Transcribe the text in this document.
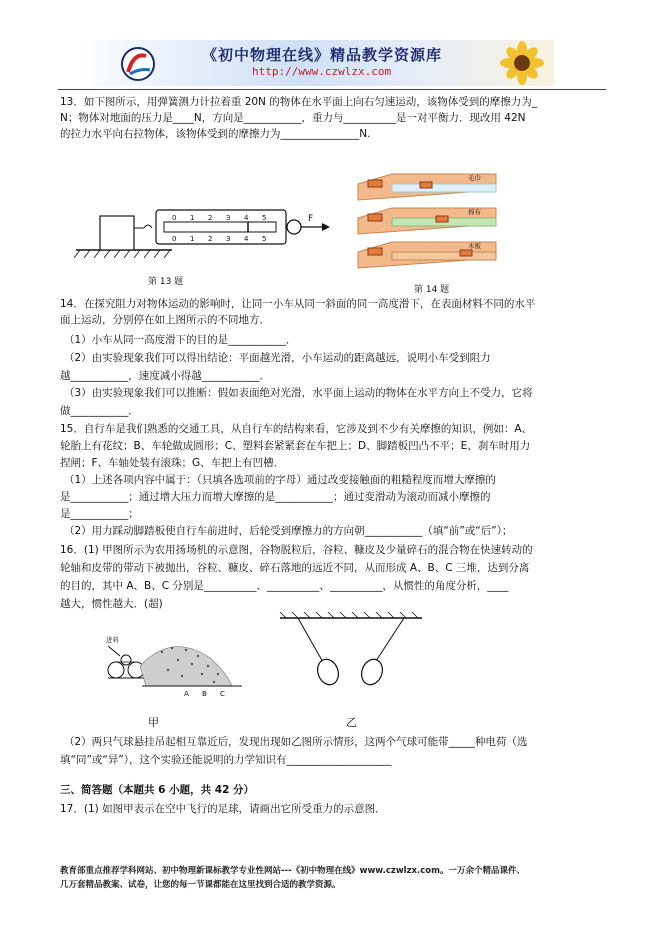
《初中物理在线》精品教学资源库
http://www.czwlzx.com
13．如下图所示，用弹簧测力计拉着重 20N 的物体在水平面上向右匀速运动，该物体受到的摩擦力为_
N；物体对地面的压力是____N，方向是___________，重力与__________是一对平衡力．现改用 42N
的拉力水平向右拉物体，该物体受到的摩擦力为_______________N.
0 1 2 3 4 5
0 1 2 3 4 5
F
第 13 题
毛巾
棉布
木板
第 14 题
14．在探究阻力对物体运动的影响时，让同一小车从同一斜面的同一高度滑下，在表面材料不同的水平
面上运动，分别停在如上图所示的不同地方．
（1）小车从同一高度滑下的目的是___________．
（2）由实验现象我们可以得出结论：平面越光滑，小车运动的距离越远，说明小车受到阻力
越___________，速度减小得越___________．
（3）由实验现象我们可以推断：假如表面绝对光滑，水平面上运动的物体在水平方向上不受力，它将
做___________．
15．自行车是我们熟悉的交通工具，从自行车的结构来看，它涉及到不少有关摩擦的知识，例如：A、
轮胎上有花纹；B、车轮做成圆形；C、塑料套紧紧套在车把上；D、脚踏板凹凸不平；E、刹车时用力
捏闸；F、车轴处装有滚珠；G、车把上有凹槽．
（1）上述各项内容中属于：（只填各选项前的字母）通过改变接触面的粗糙程度而增大摩擦的
是___________；通过增大压力而增大摩擦的是___________；通过变滑动为滚动而减小摩擦的
是___________；
（2）用力踩动脚踏板使自行车前进时，后轮受到摩擦力的方向朝___________（填“前”或“后”）；
16．(1) 甲图所示为农用扬场机的示意图，谷物脱粒后，谷粒、糠皮及少量碎石的混合物在快速转动的
轮轴和皮带的带动下被抛出，谷粒、糠皮、碎石落地的远近不同，从而形成 A、B、C 三堆，达到分离
的目的，其中 A、B、C 分别是__________、__________、__________，从惯性的角度分析，____
越大，惯性越大．(超)
进料
A B C
甲	乙
（2）两只气球悬挂吊起相互靠近后，发现出现如乙图所示情形，这两个气球可能带_____种电荷（选
填“同”或“异”），这个实验还能说明的力学知识有____________________
三、简答题（本题共 6 小题，共 42 分）
17．(1) 如图甲表示在空中飞行的足球，请画出它所受重力的示意图．
教育部重点推荐学科网站、初中物理新课标教学专业性网站---《初中物理在线》www.czwlzx.com。一万余个精品课件、
几万套精品教案、试卷，让您的每一节课都能在这里找到合适的教学资源。
